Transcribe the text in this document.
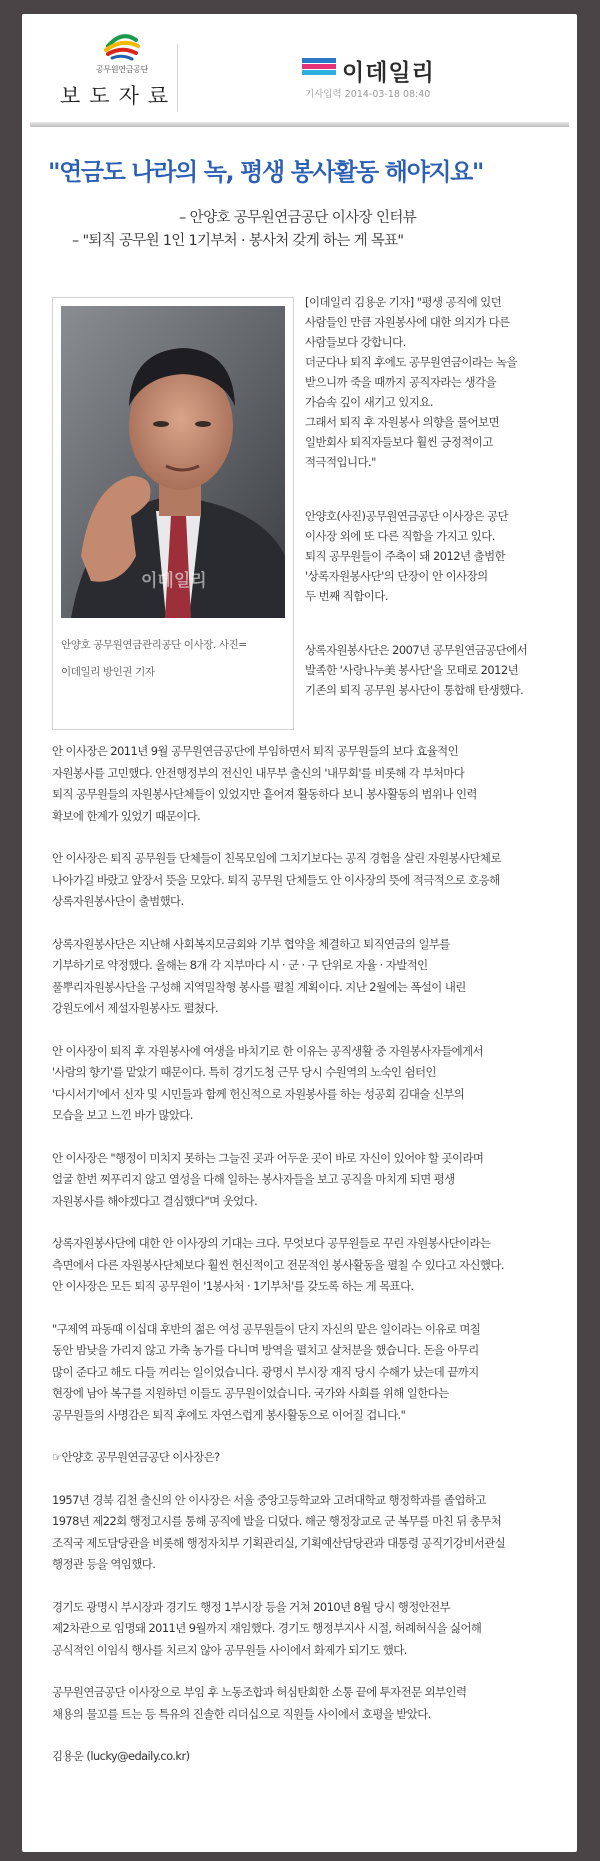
공무원연금공단
보도자료
이데일리
기사입력 2014-03-18 08:40
"연금도 나라의 녹, 평생 봉사활동 해야지요"
– 안양호 공무원연금공단 이사장 인터뷰
– "퇴직 공무원 1인 1기부처 · 봉사처 갖게 하는 게 목표"
이데일리
안양호 공무원연금관리공단 이사장. 사진=
이데일리 방인권 기자

[이데일리 김용운 기자] "평생 공직에 있던

사람들인 만큼 자원봉사에 대한 의지가 다른

사람들보다 강합니다.

더군다나 퇴직 후에도 공무원연금이라는 녹을

받으니까 죽을 때까지 공직자라는 생각을

가슴속 깊이 새기고 있지요.

그래서 퇴직 후 자원봉사 의향을 물어보면

일반회사 퇴직자들보다 훨씬 긍정적이고

적극적입니다."

안양호(사진)공무원연금공단 이사장은 공단

이사장 외에 또 다른 직함을 가지고 있다.

퇴직 공무원들이 주축이 돼 2012년 출범한

'상록자원봉사단'의 단장이 안 이사장의

두 번째 직함이다.

상록자원봉사단은 2007년 공무원연금공단에서

발족한 '사랑나누美 봉사단'을 모태로 2012년

기존의 퇴직 공무원 봉사단이 통합해 탄생했다.

안 이사장은 2011년 9월 공무원연금공단에 부임하면서 퇴직 공무원들의 보다 효율적인

자원봉사를 고민했다. 안전행정부의 전신인 내무부 출신의 '내무회'를 비롯해 각 부처마다

퇴직 공무원들의 자원봉사단체들이 있었지만 흩어져 활동하다 보니 봉사활동의 범위나 인력

확보에 한계가 있었기 때문이다.

안 이사장은 퇴직 공무원들 단체들이 친목모임에 그치기보다는 공직 경험을 살린 자원봉사단체로

나아가길 바랐고 앞장서 뜻을 모았다. 퇴직 공무원 단체들도 안 이사장의 뜻에 적극적으로 호응해

상록자원봉사단이 출범했다.

상록자원봉사단은 지난해 사회복지모금회와 기부 협약을 체결하고 퇴직연금의 일부를

기부하기로 약정했다. 올해는 8개 각 지부마다 시 · 군 · 구 단위로 자율 · 자발적인

풀뿌리자원봉사단을 구성해 지역밀착형 봉사를 펼칠 계획이다. 지난 2월에는 폭설이 내린

강원도에서 제설자원봉사도 펼쳤다.

안 이사장이 퇴직 후 자원봉사에 여생을 바치기로 한 이유는 공직생활 중 자원봉사자들에게서

'사람의 향기'를 맡았기 때문이다. 특히 경기도청 근무 당시 수원역의 노숙인 쉼터인

'다시서기'에서 신자 및 시민들과 함께 헌신적으로 자원봉사를 하는 성공회 김대술 신부의

모습을 보고 느낀 바가 많았다.

안 이사장은 "행정이 미치지 못하는 그늘진 곳과 어두운 곳이 바로 자신이 있어야 할 곳이라며

얼굴 한번 찌푸리지 않고 열성을 다해 일하는 봉사자들을 보고 공직을 마치게 되면 평생

자원봉사를 해야겠다고 결심했다"며 웃었다.

상록자원봉사단에 대한 안 이사장의 기대는 크다. 무엇보다 공무원들로 꾸린 자원봉사단이라는

측면에서 다른 자원봉사단체보다 훨씬 헌신적이고 전문적인 봉사활동을 펼칠 수 있다고 자신했다.

안 이사장은 모든 퇴직 공무원이 '1봉사처 · 1기부처'를 갖도록 하는 게 목표다.

"구제역 파동때 이십대 후반의 젊은 여성 공무원들이 단지 자신의 맡은 일이라는 이유로 며칠

동안 밤낮을 가리지 않고 가축 농가를 다니며 방역을 펼치고 살처분을 했습니다. 돈을 아무리

많이 준다고 해도 다들 꺼리는 일이었습니다. 광명시 부시장 재직 당시 수해가 났는데 끝까지

현장에 남아 복구를 지원하던 이들도 공무원이었습니다. 국가와 사회를 위해 일한다는

공무원들의 사명감은 퇴직 후에도 자연스럽게 봉사활동으로 이어질 겁니다."

☞안양호 공무원연금공단 이사장은?

1957년 경북 김천 출신의 안 이사장은 서울 중앙고등학교와 고려대학교 행정학과를 졸업하고

1978년 제22회 행정고시를 통해 공직에 발을 디뎠다. 해군 행정장교로 군 복무를 마친 뒤 총무처

조직국 제도담당관을 비롯해 행정자치부 기획관리실, 기획예산담당관과 대통령 공직기강비서관실

행정관 등을 역임했다.

경기도 광명시 부시장과 경기도 행정 1부시장 등을 거쳐 2010년 8월 당시 행정안전부

제2차관으로 임명돼 2011년 9월까지 재임했다. 경기도 행정부지사 시절, 허례허식을 싫어해

공식적인 이임식 행사를 치르지 않아 공무원들 사이에서 화제가 되기도 했다.

공무원연금공단 이사장으로 부임 후 노동조합과 허심탄회한 소통 끝에 투자전문 외부인력

채용의 물꼬를 트는 등 특유의 진솔한 리더십으로 직원들 사이에서 호평을 받았다.

김용운 (lucky@edaily.co.kr)
